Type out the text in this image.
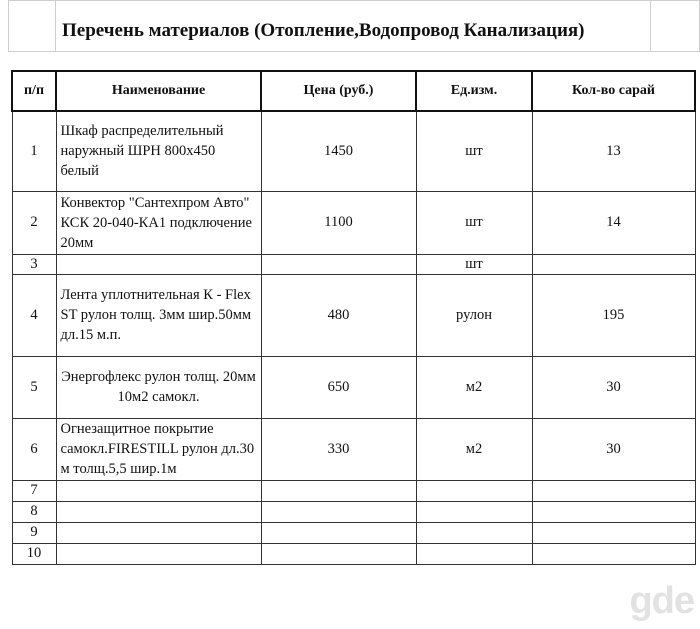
Перечень материалов (Отопление,Водопровод Канализация)
п/п	Наименование	Цена (руб.)	Ед.изм.	Кол-во сарай
1	Шкаф распределительный наружный ШРН 800х450 белый	1450	шт	13
2	Конвектор "Сантехпром Авто" КСК 20-040-КА1 подключение 20мм	1100	шт	14
3			шт	
4	Лента уплотнительная К - Flex ST рулон толщ. 3мм шир.50мм дл.15 м.п.	480	рулон	195
5	Энергофлекс рулон толщ. 20мм 10м2 самокл.	650	м2	30
6	Огнезащитное покрытие самокл.FIRESTILL рулон дл.30 м толщ.5,5 шир.1м	330	м2	30
7				
8				
9				
10				
gde
